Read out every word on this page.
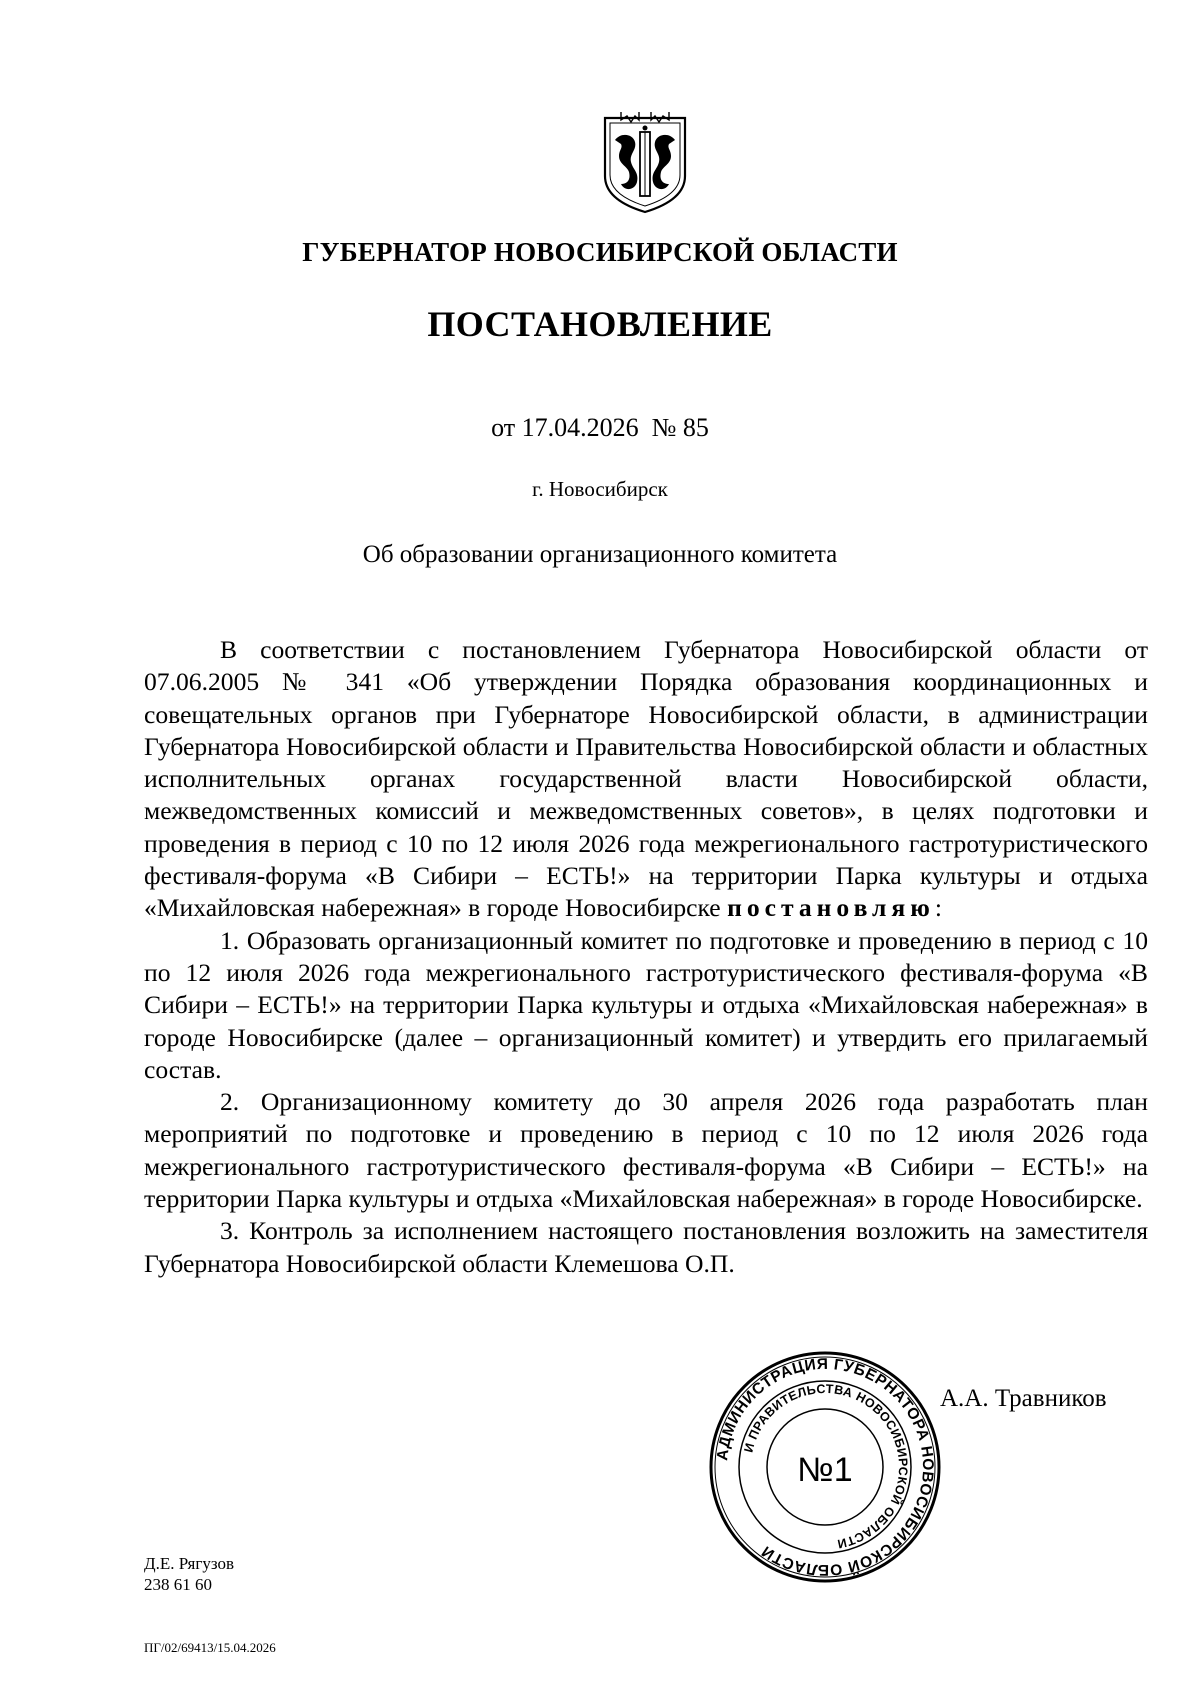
ГУБЕРНАТОР НОВОСИБИРСКОЙ ОБЛАСТИ
ПОСТАНОВЛЕНИЕ
от 17.04.2026  № 85
г. Новосибирск
Об образовании организационного комитета

В соответствии с постановлением Губернатора Новосибирской области от 07.06.2005 № 341 «Об утверждении Порядка образования координационных и совещательных органов при Губернаторе Новосибирской области, в администрации Губернатора Новосибирской области и Правительства Новосибирской области и областных исполнительных органах государственной власти Новосибирской области, межведомственных комиссий и межведомственных советов», в целях подготовки и проведения в период с 10 по 12 июля 2026 года межрегионального гастротуристического фестиваля-форума «В Сибири – ЕСТЬ!» на территории Парка культуры и отдыха «Михайловская набережная» в городе Новосибирске постановляю:

1. Образовать организационный комитет по подготовке и проведению в период с 10 по 12 июля 2026 года межрегионального гастротуристического фестиваля-форума «В Сибири – ЕСТЬ!» на территории Парка культуры и отдыха «Михайловская набережная» в городе Новосибирске (далее – организационный комитет) и утвердить его прилагаемый состав.

2. Организационному комитету до 30 апреля 2026 года разработать план мероприятий по подготовке и проведению в период с 10 по 12 июля 2026 года межрегионального гастротуристического фестиваля-форума «В Сибири – ЕСТЬ!» на территории Парка культуры и отдыха «Михайловская набережная» в городе Новосибирске.

3. Контроль за исполнением настоящего постановления возложить на заместителя Губернатора Новосибирской области Клемешова О.П.

АДМИНИСТРАЦИЯ ГУБЕРНАТОРА НОВОСИБИРСКОЙ ОБЛАСТИ
И ПРАВИТЕЛЬСТВА НОВОСИБИРСКОЙ ОБЛАСТИ
№1
А.А. Травников
Д.Е. Рягузов
238 61 60
ПГ/02/69413/15.04.2026
